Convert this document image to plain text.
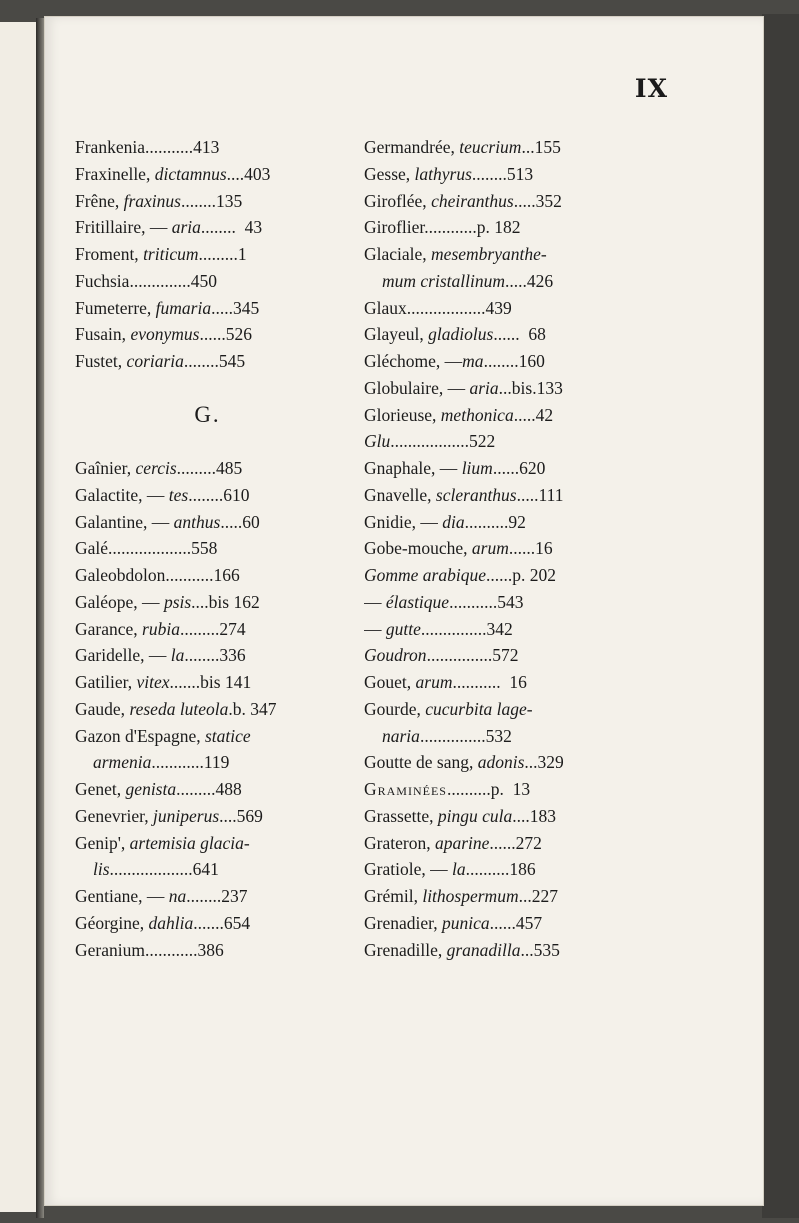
IX
Frankenia...........413
Fraxinelle, dictamnus....403
Frêne, fraxinus........135
Fritillaire, — aria........  43
Froment, triticum.........1
Fuchsia..............450
Fumeterre, fumaria.....345
Fusain, evonymus......526
Fustet, coriaria........545
G.
Gaînier, cercis.........485
Galactite, — tes........610
Galantine, — anthus.....60
Galé...................558
Galeobdolon...........166
Galéope, — psis....bis 162
Garance, rubia.........274
Garidelle, — la........336
Gatilier, vitex.......bis 141
Gaude, reseda luteola.b. 347
Gazon d'Espagne, statice
armenia............119
Genet, genista.........488
Genevrier, juniperus....569
Genip', artemisia glacia-
lis...................641
Gentiane, — na........237
Géorgine, dahlia.......654
Geranium............386
Germandrée, teucrium...155
Gesse, lathyrus........513
Giroflée, cheiranthus.....352
Giroflier............p. 182
Glaciale, mesembryanthe-
mum cristallinum.....426
Glaux..................439
Glayeul, gladiolus......  68
Gléchome, —ma........160
Globulaire, — aria...bis.133
Glorieuse, methonica.....42
Glu..................522
Gnaphale, — lium......620
Gnavelle, scleranthus.....111
Gnidie, — dia..........92
Gobe-mouche, arum......16
Gomme arabique......p. 202
— élastique...........543
— gutte...............342
Goudron...............572
Gouet, arum...........  16
Gourde, cucurbita lage-
naria...............532
Goutte de sang, adonis...329
Graminées..........p.  13
Grassette, pingu cula....183
Grateron, aparine......272
Gratiole, — la..........186
Grémil, lithospermum...227
Grenadier, punica......457
Grenadille, granadilla...535
